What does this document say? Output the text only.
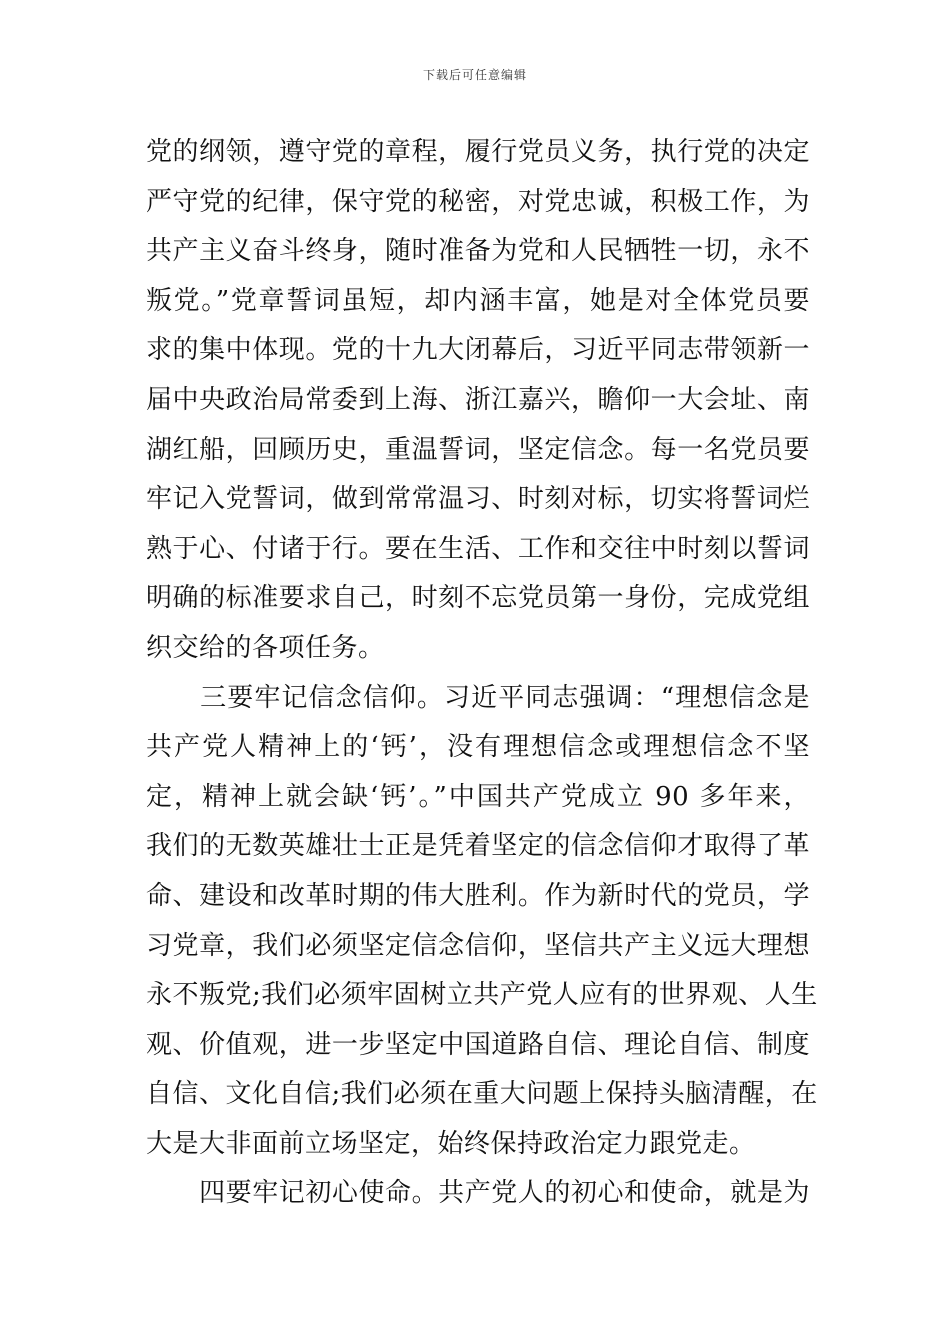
下载后可任意编辑
党的纲领，遵守党的章程，履行党员义务，执行党的决定
严守党的纪律，保守党的秘密，对党忠诚，积极工作，为
共产主义奋斗终身，随时准备为党和人民牺牲一切，永不
叛党。”党章誓词虽短，却内涵丰富，她是对全体党员要
求的集中体现。党的十九大闭幕后，习近平同志带领新一
届中央政治局常委到上海、浙江嘉兴，瞻仰一大会址、南
湖红船，回顾历史，重温誓词，坚定信念。每一名党员要
牢记入党誓词，做到常常温习、时刻对标，切实将誓词烂
熟于心、付诸于行。要在生活、工作和交往中时刻以誓词
明确的标准要求自己，时刻不忘党员第一身份，完成党组
织交给的各项任务。
　　三要牢记信念信仰。习近平同志强调：“理想信念是
共产党人精神上的‘钙’，没有理想信念或理想信念不坚
定，精神上就会缺‘钙’。”中国共产党成立 90 多年来，
我们的无数英雄壮士正是凭着坚定的信念信仰才取得了革
命、建设和改革时期的伟大胜利。作为新时代的党员，学
习党章，我们必须坚定信念信仰，坚信共产主义远大理想
永不叛党;我们必须牢固树立共产党人应有的世界观、人生
观、价值观，进一步坚定中国道路自信、理论自信、制度
自信、文化自信;我们必须在重大问题上保持头脑清醒，在
大是大非面前立场坚定，始终保持政治定力跟党走。
　　四要牢记初心使命。共产党人的初心和使命，就是为
